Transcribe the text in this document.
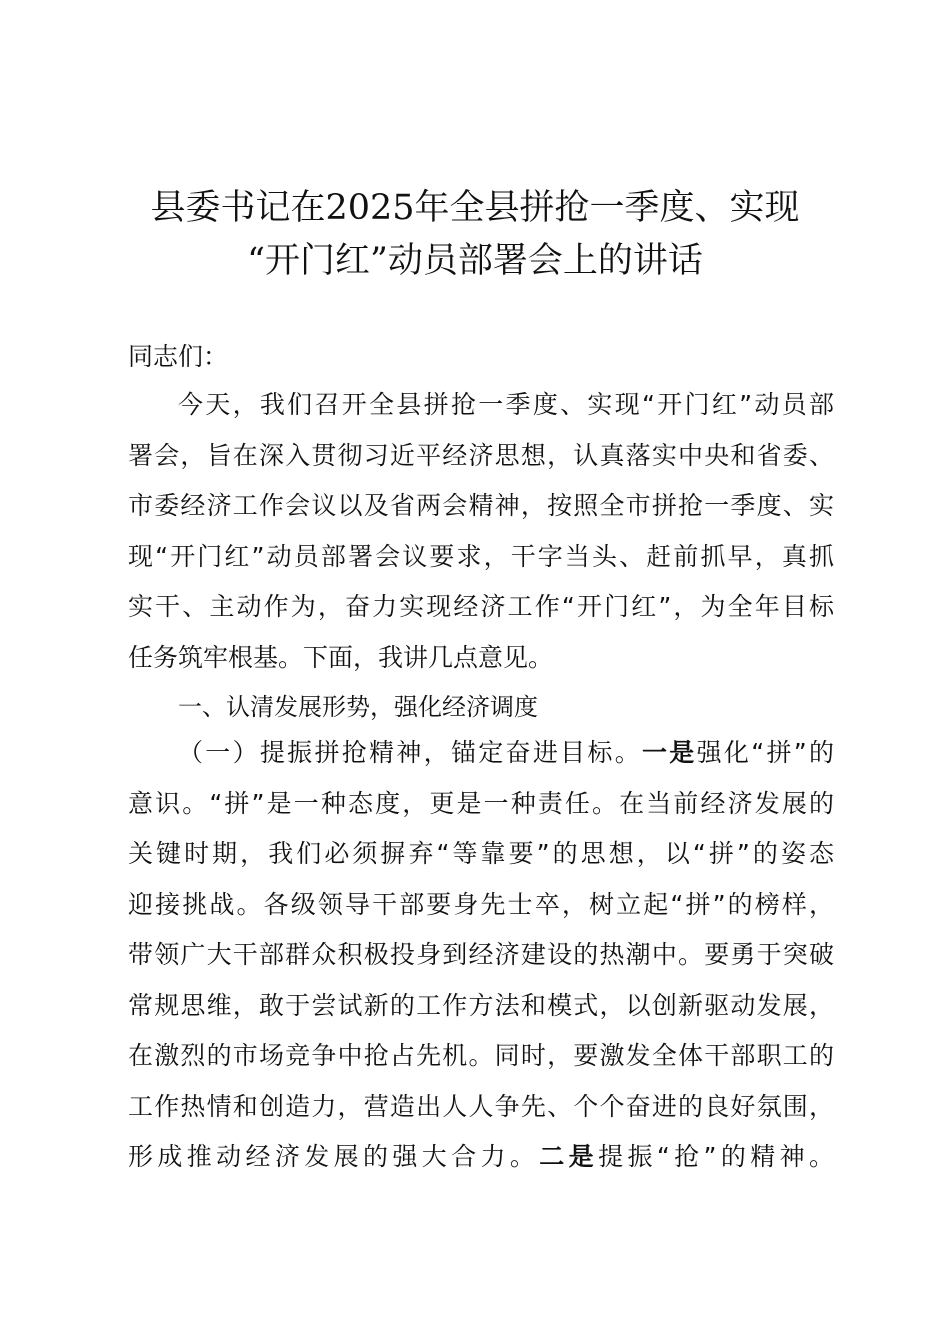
县委书记在2025年全县拼抢一季度、实现
“开门红”动员部署会上的讲话
同志们：
今天，我们召开全县拼抢一季度、实现“开门红”动员部
署会，旨在深入贯彻习近平经济思想，认真落实中央和省委、
市委经济工作会议以及省两会精神，按照全市拼抢一季度、实
现“开门红”动员部署会议要求，干字当头、赶前抓早，真抓
实干、主动作为，奋力实现经济工作“开门红”，为全年目标
任务筑牢根基。下面，我讲几点意见。
一、认清发展形势，强化经济调度
（一）提振拼抢精神，锚定奋进目标。一是强化“拼”的
意识。“拼”是一种态度，更是一种责任。在当前经济发展的
关键时期，我们必须摒弃“等靠要”的思想，以“拼”的姿态
迎接挑战。各级领导干部要身先士卒，树立起“拼”的榜样，
带领广大干部群众积极投身到经济建设的热潮中。要勇于突破
常规思维，敢于尝试新的工作方法和模式，以创新驱动发展，
在激烈的市场竞争中抢占先机。同时，要激发全体干部职工的
工作热情和创造力，营造出人人争先、个个奋进的良好氛围，
形成推动经济发展的强大合力。二是提振“抢”的精神。
